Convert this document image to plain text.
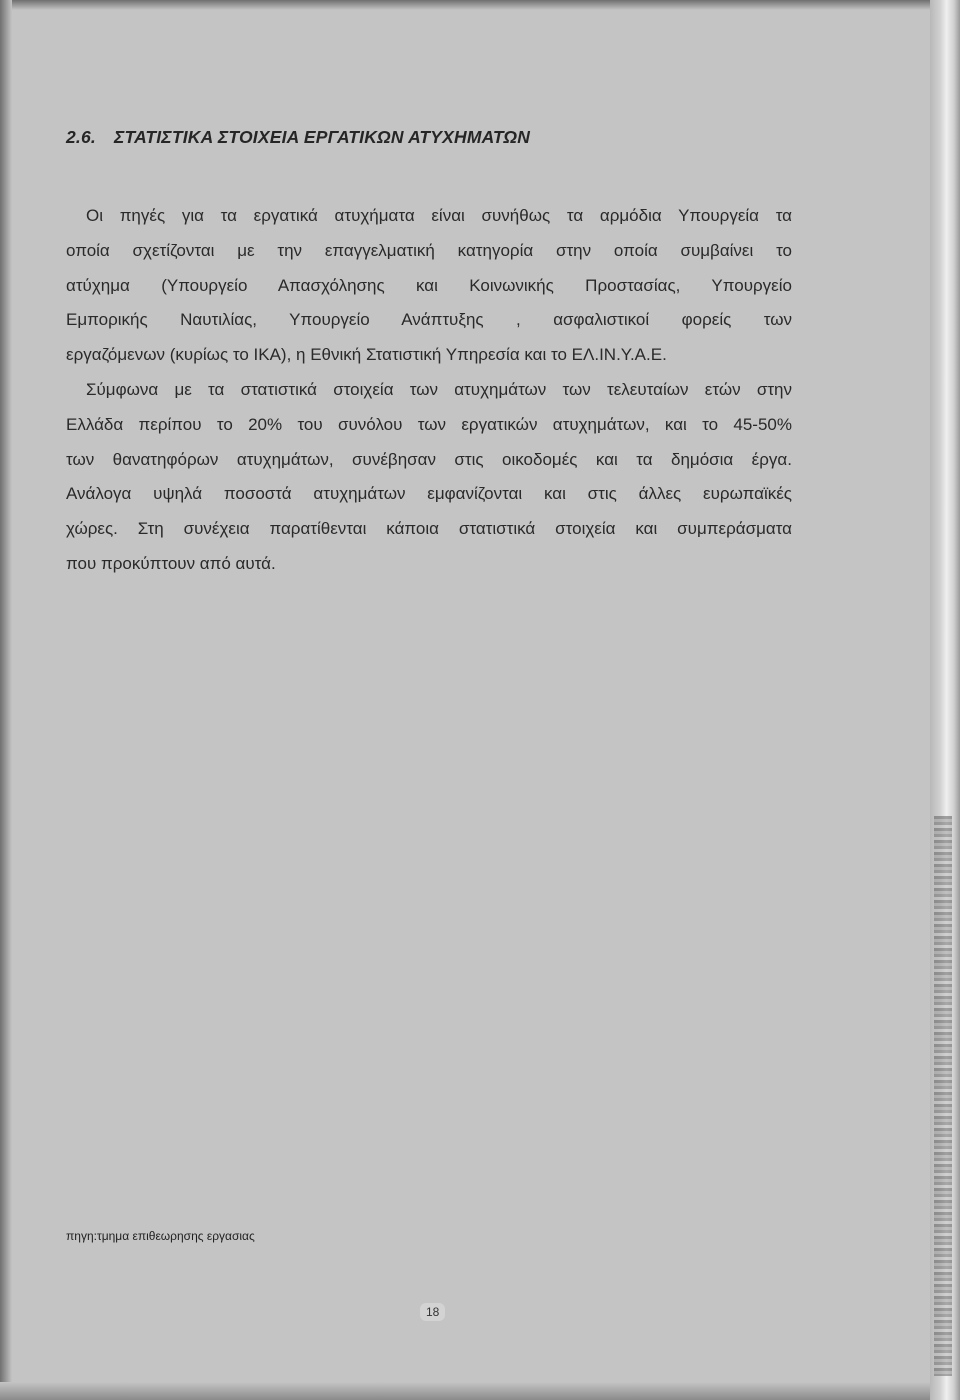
2.6. ΣΤΑΤΙΣΤΙΚΑ ΣΤΟΙΧΕΙΑ ΕΡΓΑΤΙΚΩΝ ΑΤΥΧΗΜΑΤΩΝ

Οι πηγές για τα εργατικά ατυχήματα είναι συνήθως τα αρμόδια Υπουργεία τα
οποία σχετίζονται με την επαγγελματική κατηγορία στην οποία συμβαίνει το
ατύχημα (Υπουργείο Απασχόλησης και Κοινωνικής Προστασίας, Υπουργείο
Εμπορικής Ναυτιλίας, Υπουργείο Ανάπτυξης , ασφαλιστικοί φορείς των
εργαζόμενων (κυρίως το ΙΚΑ), η Εθνική Στατιστική Υπηρεσία και το ΕΛ.ΙΝ.Υ.Α.Ε.

Σύμφωνα με τα στατιστικά στοιχεία των ατυχημάτων των τελευταίων ετών στην
Ελλάδα περίπου το 20% του συνόλου των εργατικών ατυχημάτων, και το 45-50%
των θανατηφόρων ατυχημάτων, συνέβησαν στις οικοδομές και τα δημόσια έργα.
Ανάλογα υψηλά ποσοστά ατυχημάτων εμφανίζονται και στις άλλες ευρωπαϊκές
χώρες. Στη συνέχεια παρατίθενται κάποια στατιστικά στοιχεία και συμπεράσματα
που προκύπτουν από αυτά.

πηγη:τμημα επιθεωρησης εργασιας

18
